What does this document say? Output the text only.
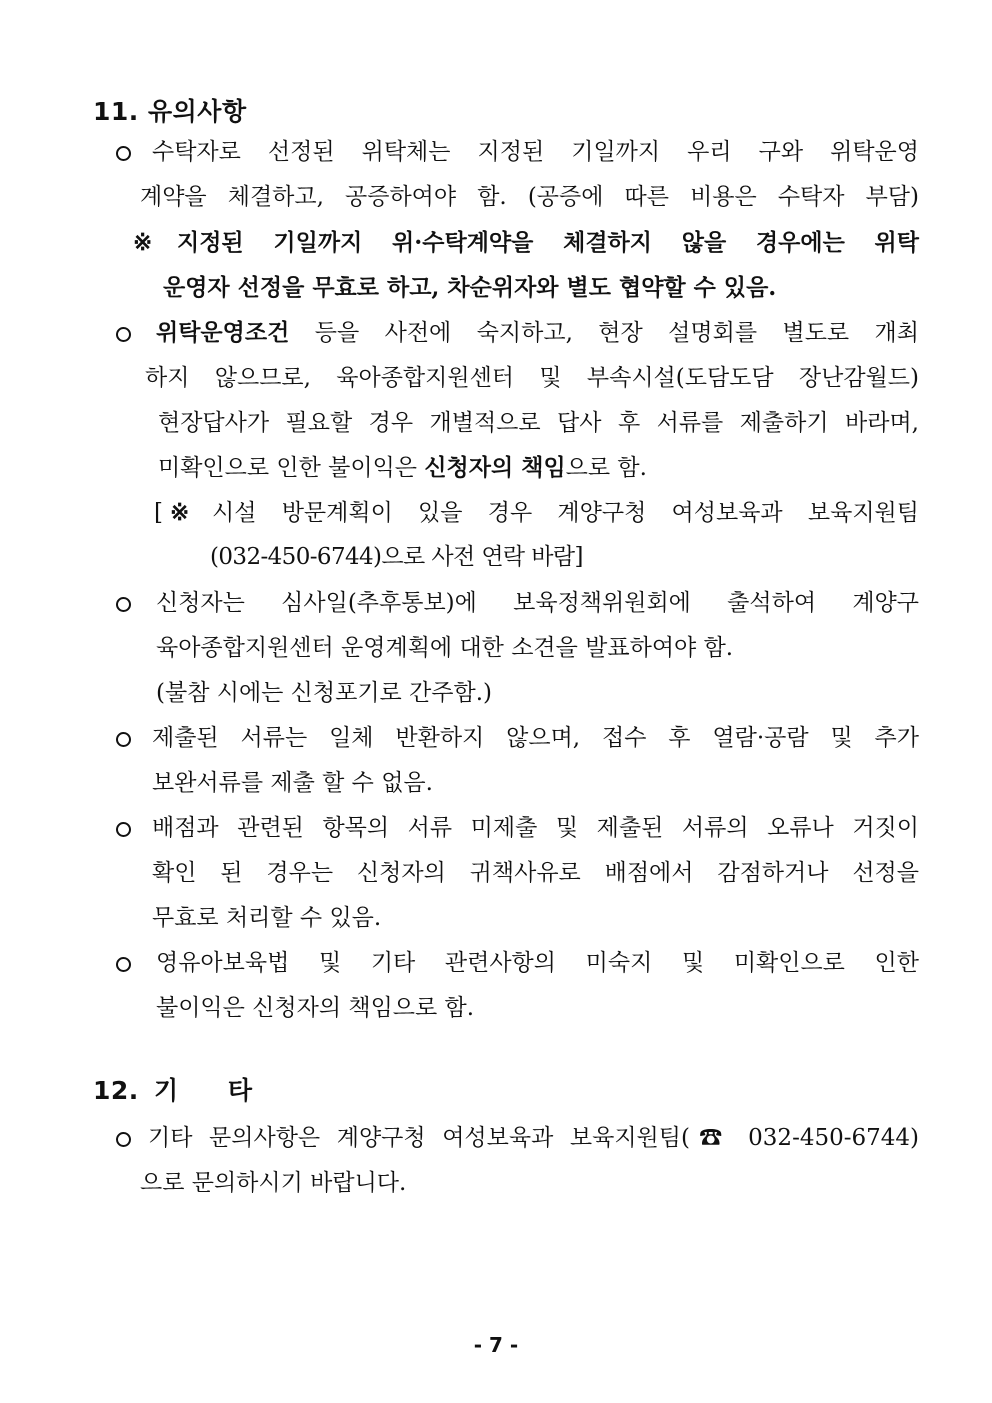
11. 유의사항
수탁자로 선정된 위탁체는 지정된 기일까지 우리 구와 위탁운영
계약을 체결하고, 공증하여야 함. (공증에 따른 비용은 수탁자 부담)
※ 지정된 기일까지 위·수탁계약을 체결하지 않을 경우에는 위탁
운영자 선정을 무효로 하고, 차순위자와 별도 협약할 수 있음.
위탁운영조건 등을 사전에 숙지하고, 현장 설명회를 별도로 개최
하지 않으므로, 육아종합지원센터 및 부속시설(도담도담 장난감월드)
현장답사가 필요할 경우 개별적으로 답사 후 서류를 제출하기 바라며,
미확인으로 인한 불이익은 신청자의 책임으로 함.
[ ※ 시설 방문계획이 있을 경우 계양구청 여성보육과 보육지원팀
(032-450-6744)으로 사전 연락 바람]
신청자는 심사일(추후통보)에 보육정책위원회에 출석하여 계양구
육아종합지원센터 운영계획에 대한 소견을 발표하여야 함.
(불참 시에는 신청포기로 간주함.)
제출된 서류는 일체 반환하지 않으며, 접수 후 열람·공람 및 추가
보완서류를 제출 할 수 없음.
배점과 관련된 항목의 서류 미제출 및 제출된 서류의 오류나 거짓이
확인 된 경우는 신청자의 귀책사유로 배점에서 감점하거나 선정을
무효로 처리할 수 있음.
영유아보육법 및 기타 관련사항의 미숙지 및 미확인으로 인한
불이익은 신청자의 책임으로 함.
12. 기 타
기타 문의사항은 계양구청 여성보육과 보육지원팀(☎ 032-450-6744)
으로 문의하시기 바랍니다.
- 7 -
